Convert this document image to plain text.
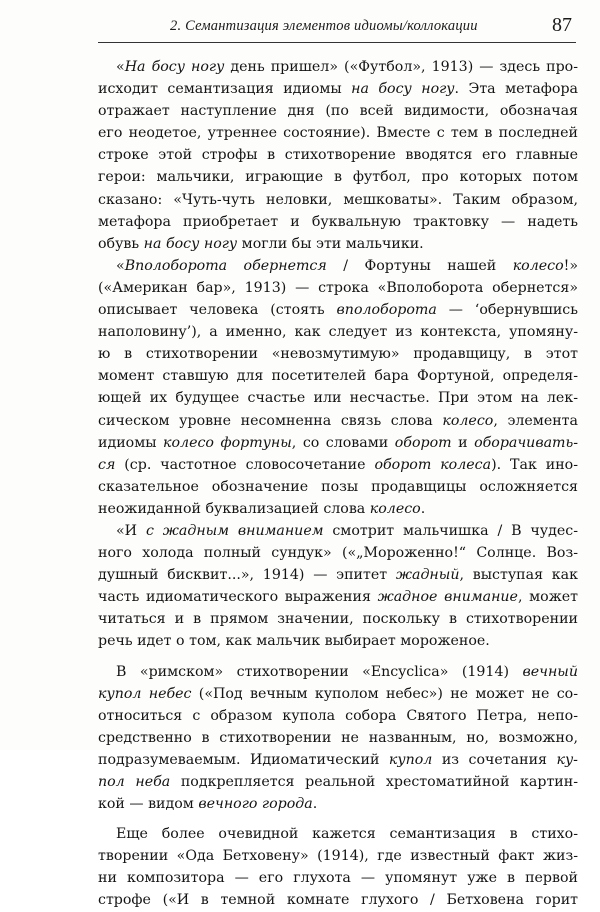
2. Семантизация элементов идиомы/коллокации	87
«На босу ногу день пришел» («Футбол», 1913) — здесь про-
исходит семантизация идиомы на босу ногу. Эта метафора
отражает наступление дня (по всей видимости, обозначая
его неодетое, утреннее состояние). Вместе с тем в последней
строке этой строфы в стихотворение вводятся его главные
герои: мальчики, играющие в футбол, про которых потом
сказано: «Чуть-чуть неловки, мешковаты». Таким образом,
метафора приобретает и буквальную трактовку — надеть
обувь на босу ногу могли бы эти мальчики.
«Вполоборота обернется / Фортуны нашей колесо!»
(«Американ бар», 1913) — строка «Вполоборота обернется»
описывает человека (стоять вполоборота — ‘обернувшись
наполовину’), а именно, как следует из контекста, упомяну-
ю в стихотворении «невозмутимую» продавщицу, в этот
момент ставшую для посетителей бара Фортуной, определя-
ющей их будущее счастье или несчастье. При этом на лек-
сическом уровне несомненна связь слова колесо, элемента
идиомы колесо фортуны, со словами оборот и оборачивать-
ся (ср. частотное словосочетание оборот колеса). Так ино-
сказательное обозначение позы продавщицы осложняется
неожиданной буквализацией слова колесо.
«И с жадным вниманием смотрит мальчишка / В чудес-
ного холода полный сундук» («„Мороженно!“ Солнце. Воз-
душный бисквит...», 1914) — эпитет жадный, выступая как
часть идиоматического выражения жадное внимание, может
читаться и в прямом значении, поскольку в стихотворении
речь идет о том, как мальчик выбирает мороженое.
В «римском» стихотворении «Encyclica» (1914) вечный
купол небес («Под вечным куполом небес») не может не со-
относиться с образом купола собора Святого Петра, непо-
средственно в стихотворении не названным, но, возможно,
подразумеваемым. Идиоматический купол из сочетания ку-
пол неба подкрепляется реальной хрестоматийной картин-
кой — видом вечного города.
Еще более очевидной кажется семантизация в стихо-
творении «Ода Бетховену» (1914), где известный факт жиз-
ни композитора — его глухота — упомянут уже в первой
строфе («И в темной комнате глухого / Бетховена горит
